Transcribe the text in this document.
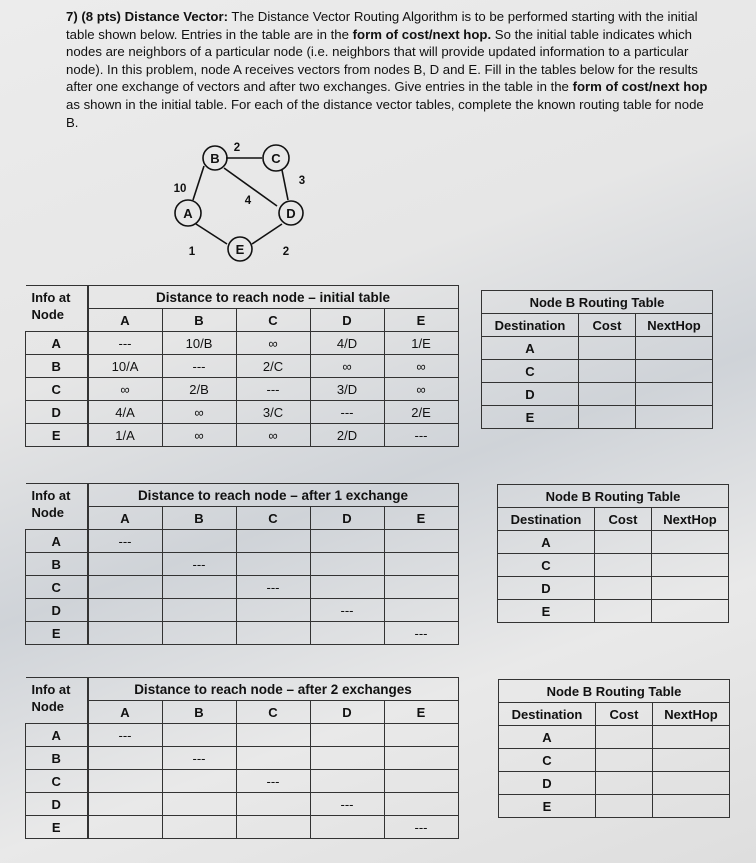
7) (8 pts) Distance Vector: The Distance Vector Routing Algorithm is to be performed starting with the initial table shown below. Entries in the table are in the form of cost/next hop. So the initial table indicates which nodes are neighbors of a particular node (i.e. neighbors that will provide updated information to a particular node). In this problem, node A receives vectors from nodes B, D and E. Fill in the tables below for the results after one exchange of vectors and after two exchanges. Give entries in the table in the form of cost/next hop as shown in the initial table. For each of the distance vector tables, complete the known routing table for node B.

B	C
A	D
E
10
2
3
4
1	2
Info at Node	Distance to reach node – initial table				
	A	B	C	D	E
A	---	10/B	∞	4/D	1/E
B	10/A	---	2/C	∞	∞
C	∞	2/B	---	3/D	∞
D	4/A	∞	3/C	---	2/E
E	1/A	∞	∞	2/D	---
Info at Node	Distance to reach node – after 1 exchange				
	A	B	C	D	E
A	---				
B		---			
C			---		
D				---	
E					---
Info at Node	Distance to reach node – after 2 exchanges				
	A	B	C	D	E
A	---				
B		---			
C			---		
D				---	
E					---
Node B Routing Table		
Destination	Cost	NextHop
A		
C		
D		
E		
Node B Routing Table		
Destination	Cost	NextHop
A		
C		
D		
E		
Node B Routing Table		
Destination	Cost	NextHop
A		
C		
D		
E		
